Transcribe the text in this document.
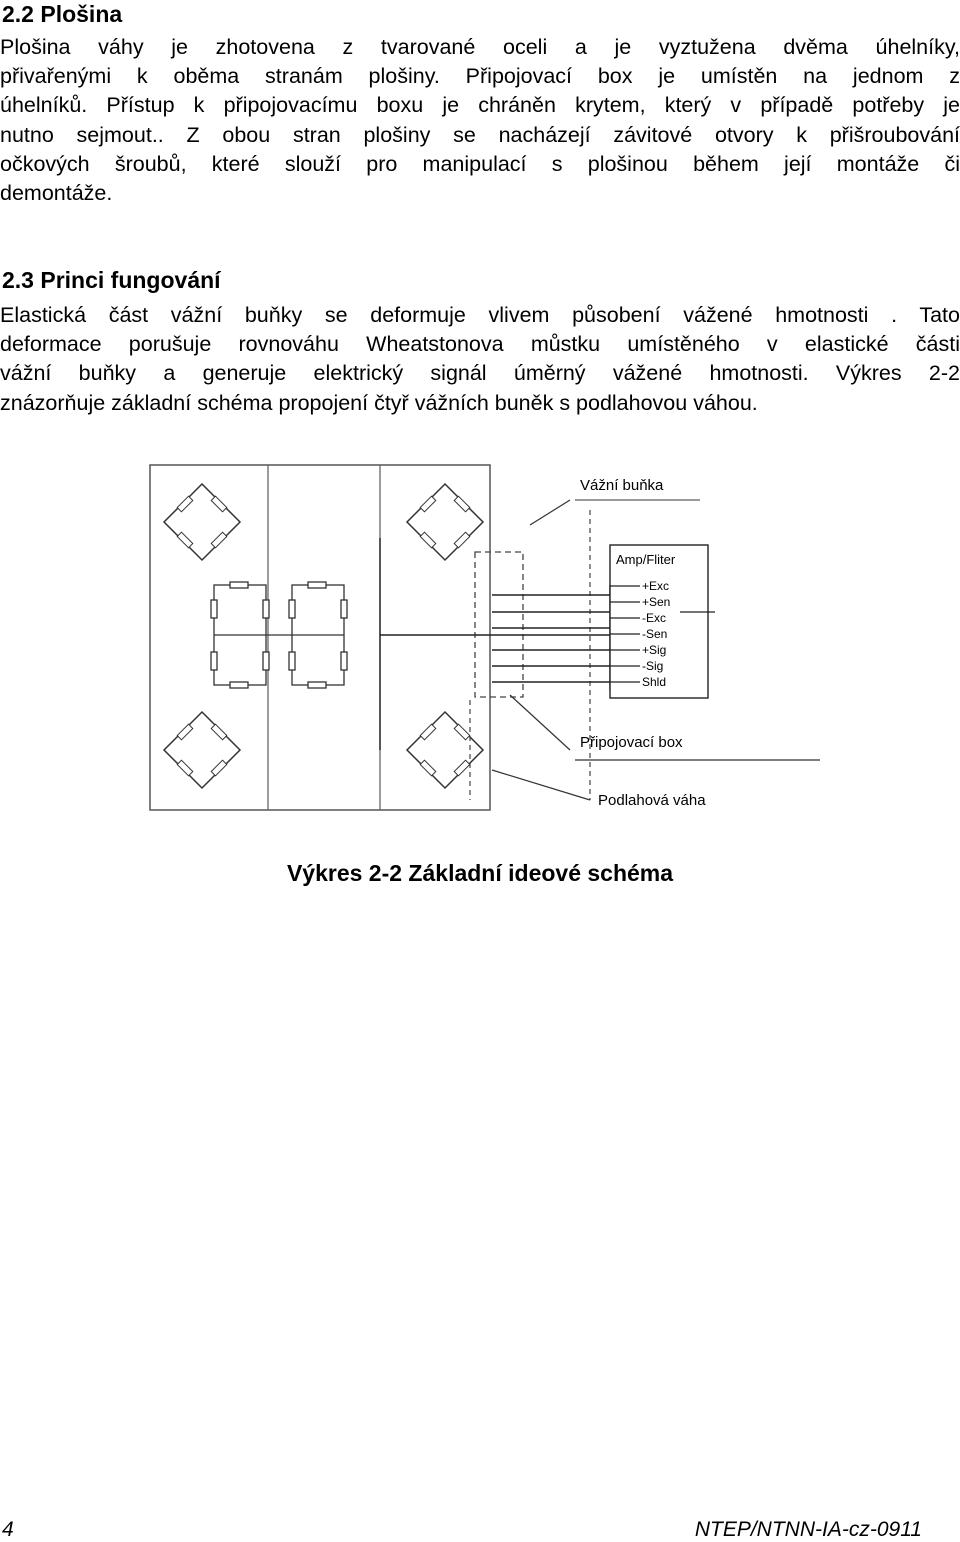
2.2 Plošina
Plošina váhy je zhotovena z tvarované oceli a je vyztužena dvěma úhelníky,
přivařenými k oběma stranám plošiny. Připojovací box je umístěn na jednom z
úhelníků. Přístup k připojovacímu boxu je chráněn krytem, který v případě potřeby je
nutno sejmout.. Z obou stran plošiny se nacházejí závitové otvory k přišroubování
očkových šroubů, které slouží pro manipulací s plošinou během její montáže či
demontáže.
2.3 Princi fungování
Elastická část vážní buňky se deformuje vlivem působení vážené hmotnosti . Tato
deformace porušuje rovnováhu Wheatstonova můstku umístěného v elastické části
vážní buňky a generuje elektrický signál úměrný vážené hmotnosti. Výkres 2-2
znázorňuje základní schéma propojení čtyř vážních buněk s podlahovou váhou.
Amp/Fliter
+Exc
+Sen
-Exc
-Sen
+Sig
-Sig
Shld
Vážní buňka
Připojovací box
Podlahová váha
Výkres 2-2 Základní ideové schéma
4	NTEP/NTNN-IA-cz-0911
